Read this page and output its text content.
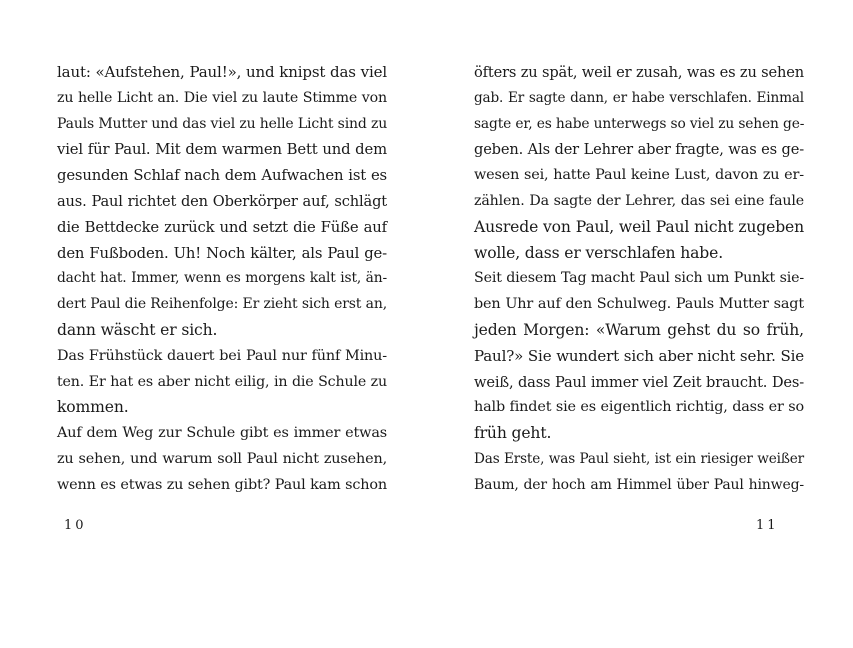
laut: «Aufstehen, Paul!», und knipst das viel
zu helle Licht an. Die viel zu laute Stimme von
Pauls Mutter und das viel zu helle Licht sind zu
viel für Paul. Mit dem warmen Bett und dem
gesunden Schlaf nach dem Aufwachen ist es
aus. Paul richtet den Oberkörper auf, schlägt
die Bettdecke zurück und setzt die Füße auf
den Fußboden. Uh! Noch kälter, als Paul ge-
dacht hat. Immer, wenn es morgens kalt ist, än-
dert Paul die Reihenfolge: Er zieht sich erst an,
dann wäscht er sich.
Das Frühstück dauert bei Paul nur fünf Minu-
ten. Er hat es aber nicht eilig, in die Schule zu
kommen.
Auf dem Weg zur Schule gibt es immer etwas
zu sehen, und warum soll Paul nicht zusehen,
wenn es etwas zu sehen gibt? Paul kam schon
öfters zu spät, weil er zusah, was es zu sehen
gab. Er sagte dann, er habe verschlafen. Einmal
sagte er, es habe unterwegs so viel zu sehen ge-
geben. Als der Lehrer aber fragte, was es ge-
wesen sei, hatte Paul keine Lust, davon zu er-
zählen. Da sagte der Lehrer, das sei eine faule
Ausrede von Paul, weil Paul nicht zugeben
wolle, dass er verschlafen habe.
Seit diesem Tag macht Paul sich um Punkt sie-
ben Uhr auf den Schulweg. Pauls Mutter sagt
jeden Morgen: «Warum gehst du so früh,
Paul?» Sie wundert sich aber nicht sehr. Sie
weiß, dass Paul immer viel Zeit braucht. Des-
halb findet sie es eigentlich richtig, dass er so
früh geht.
Das Erste, was Paul sieht, ist ein riesiger weißer
Baum, der hoch am Himmel über Paul hinweg-
10	11
